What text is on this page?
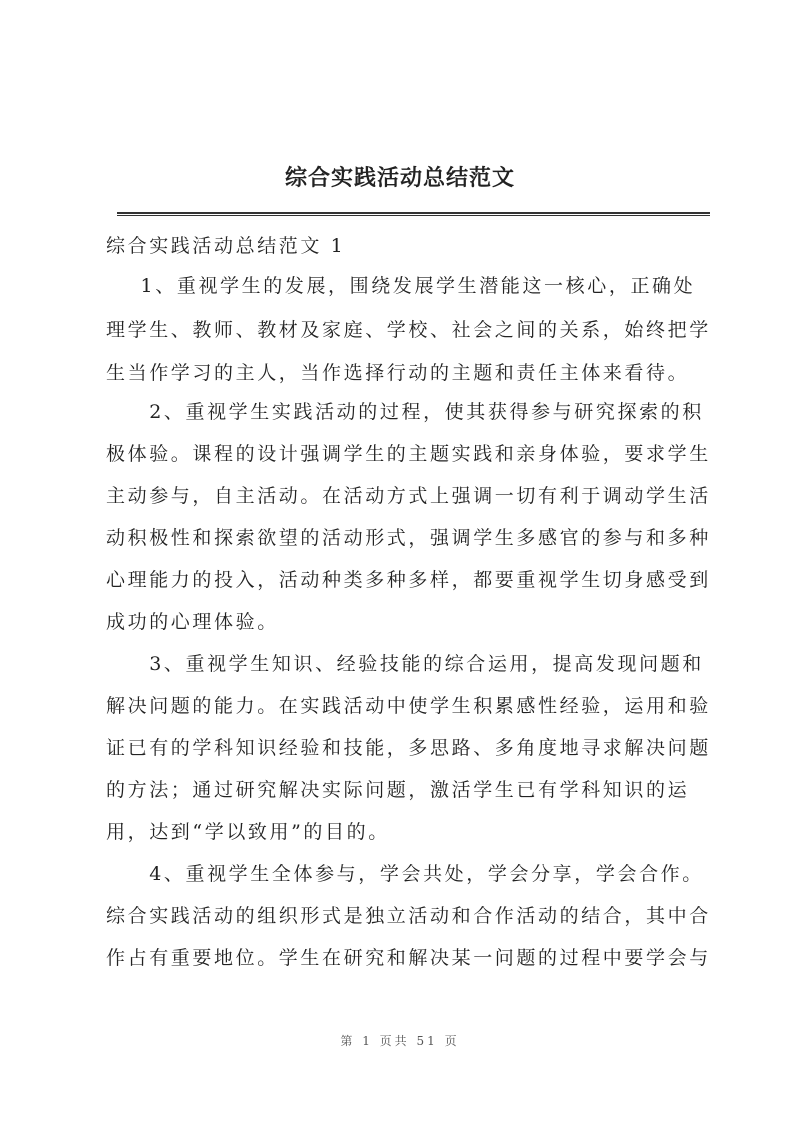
综合实践活动总结范文
综合实践活动总结范文 1
1、重视学生的发展，围绕发展学生潜能这一核心，正确处
理学生、教师、教材及家庭、学校、社会之间的关系，始终把学
生当作学习的主人，当作选择行动的主题和责任主体来看待。
2、重视学生实践活动的过程，使其获得参与研究探索的积
极体验。课程的设计强调学生的主题实践和亲身体验，要求学生
主动参与，自主活动。在活动方式上强调一切有利于调动学生活
动积极性和探索欲望的活动形式，强调学生多感官的参与和多种
心理能力的投入，活动种类多种多样，都要重视学生切身感受到
成功的心理体验。
3、重视学生知识、经验技能的综合运用，提高发现问题和
解决问题的能力。在实践活动中使学生积累感性经验，运用和验
证已有的学科知识经验和技能，多思路、多角度地寻求解决问题
的方法；通过研究解决实际问题，激活学生已有学科知识的运
用，达到“学以致用”的目的。
4、重视学生全体参与，学会共处，学会分享，学会合作。
综合实践活动的组织形式是独立活动和合作活动的结合，其中合
作占有重要地位。学生在研究和解决某一问题的过程中要学会与
第 1 页共 51 页
